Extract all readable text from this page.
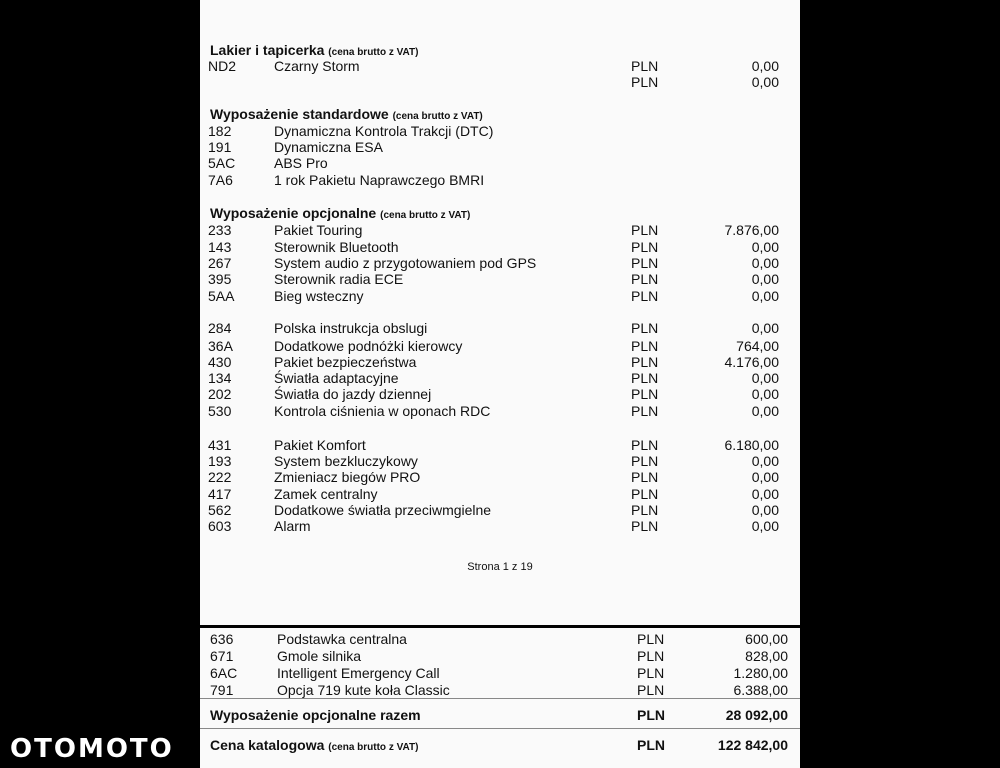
Lakier i tapicerka (cena brutto z VAT)
ND2	Czarny Storm	PLN	0,00
PLN	0,00
Wyposażenie standardowe (cena brutto z VAT)
182	Dynamiczna Kontrola Trakcji (DTC)
191	Dynamiczna ESA
5AC	ABS Pro
7A6	1 rok Pakietu Naprawczego BMRI
Wyposażenie opcjonalne (cena brutto z VAT)
233	Pakiet Touring	PLN	7.876,00
143	Sterownik Bluetooth	PLN	0,00
267	System audio z przygotowaniem pod GPS	PLN	0,00
395	Sterownik radia ECE	PLN	0,00
5AA	Bieg wsteczny	PLN	0,00
284	Polska instrukcja obslugi	PLN	0,00
36A	Dodatkowe podnóżki kierowcy	PLN	764,00
430	Pakiet bezpieczeństwa	PLN	4.176,00
134	Światła adaptacyjne	PLN	0,00
202	Światła do jazdy dziennej	PLN	0,00
530	Kontrola ciśnienia w oponach RDC	PLN	0,00
431	Pakiet Komfort	PLN	6.180,00
193	System bezkluczykowy	PLN	0,00
222	Zmieniacz biegów PRO	PLN	0,00
417	Zamek centralny	PLN	0,00
562	Dodatkowe światła przeciwmgielne	PLN	0,00
603	Alarm	PLN	0,00
Strona 1 z 19
636	Podstawka centralna	PLN	600,00
671	Gmole silnika	PLN	828,00
6AC	Intelligent Emergency Call	PLN	1.280,00
791	Opcja 719 kute koła Classic	PLN	6.388,00
Wyposażenie opcjonalne razem	PLN	28 092,00
Cena katalogowa (cena brutto z VAT)	PLN	122 842,00
OTOMOTO
